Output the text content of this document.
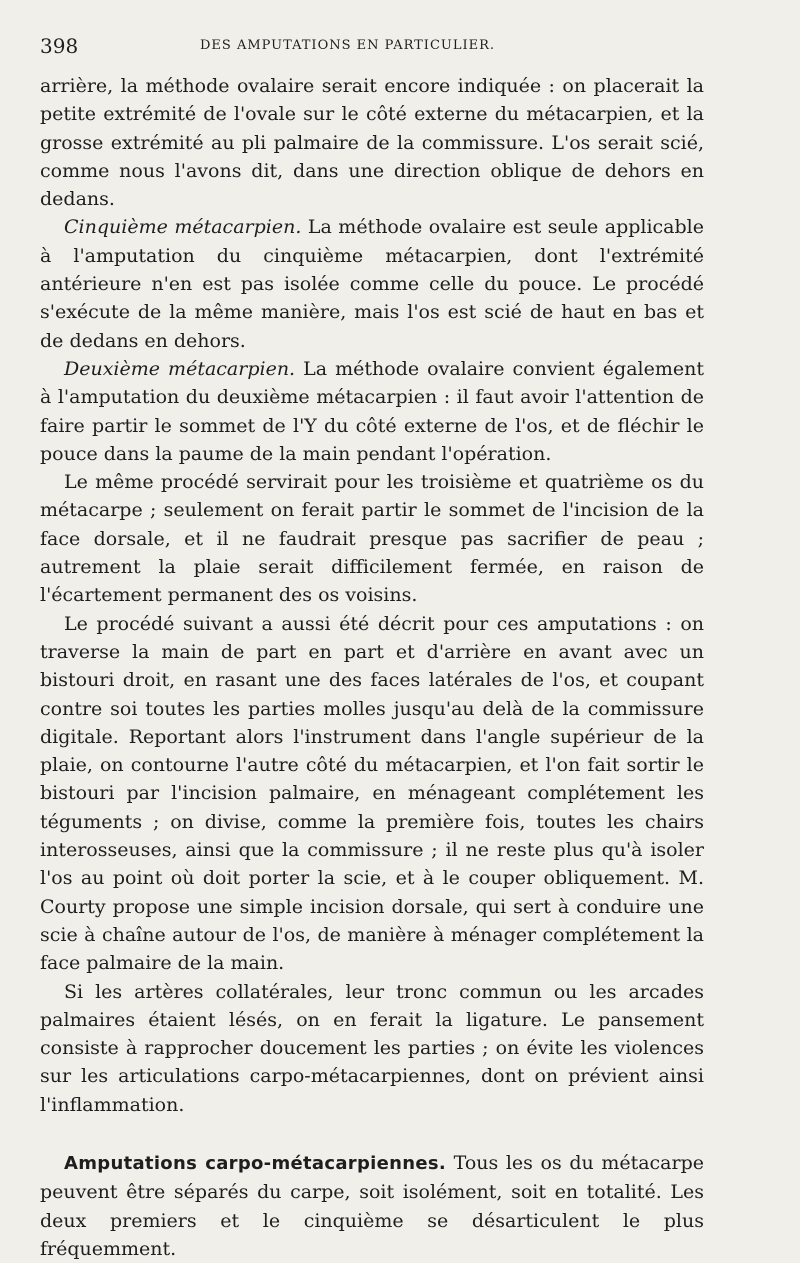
398	DES AMPUTATIONS EN PARTICULIER.

arrière, la méthode ovalaire serait encore indiquée : on placerait la petite extrémité de l'ovale sur le côté externe du métacarpien, et la grosse extrémité au pli palmaire de la commissure. L'os serait scié, comme nous l'avons dit, dans une direction oblique de dehors en dedans.

Cinquième métacarpien. La méthode ovalaire est seule applicable à l'amputation du cinquième métacarpien, dont l'extrémité antérieure n'en est pas isolée comme celle du pouce. Le procédé s'exécute de la même manière, mais l'os est scié de haut en bas et de dedans en dehors.

Deuxième métacarpien. La méthode ovalaire convient également à l'amputation du deuxième métacarpien : il faut avoir l'attention de faire partir le sommet de l'Y du côté externe de l'os, et de fléchir le pouce dans la paume de la main pendant l'opération.

Le même procédé servirait pour les troisième et quatrième os du métacarpe ; seulement on ferait partir le sommet de l'incision de la face dorsale, et il ne faudrait presque pas sacrifier de peau ; autrement la plaie serait difficilement fermée, en raison de l'écartement permanent des os voisins.

Le procédé suivant a aussi été décrit pour ces amputations : on traverse la main de part en part et d'arrière en avant avec un bistouri droit, en rasant une des faces latérales de l'os, et coupant contre soi toutes les parties molles jusqu'au delà de la commissure digitale. Reportant alors l'instrument dans l'angle supérieur de la plaie, on contourne l'autre côté du métacarpien, et l'on fait sortir le bistouri par l'incision palmaire, en ménageant complétement les téguments ; on divise, comme la première fois, toutes les chairs interosseuses, ainsi que la commissure ; il ne reste plus qu'à isoler l'os au point où doit porter la scie, et à le couper obliquement. M. Courty propose une simple incision dorsale, qui sert à conduire une scie à chaîne autour de l'os, de manière à ménager complétement la face palmaire de la main.

Si les artères collatérales, leur tronc commun ou les arcades palmaires étaient lésés, on en ferait la ligature. Le pansement consiste à rapprocher doucement les parties ; on évite les violences sur les articulations carpo-métacarpiennes, dont on prévient ainsi l'inflammation.

Amputations carpo-métacarpiennes. Tous les os du métacarpe peuvent être séparés du carpe, soit isolément, soit en totalité. Les deux premiers et le cinquième se désarticulent le plus fréquemment.
